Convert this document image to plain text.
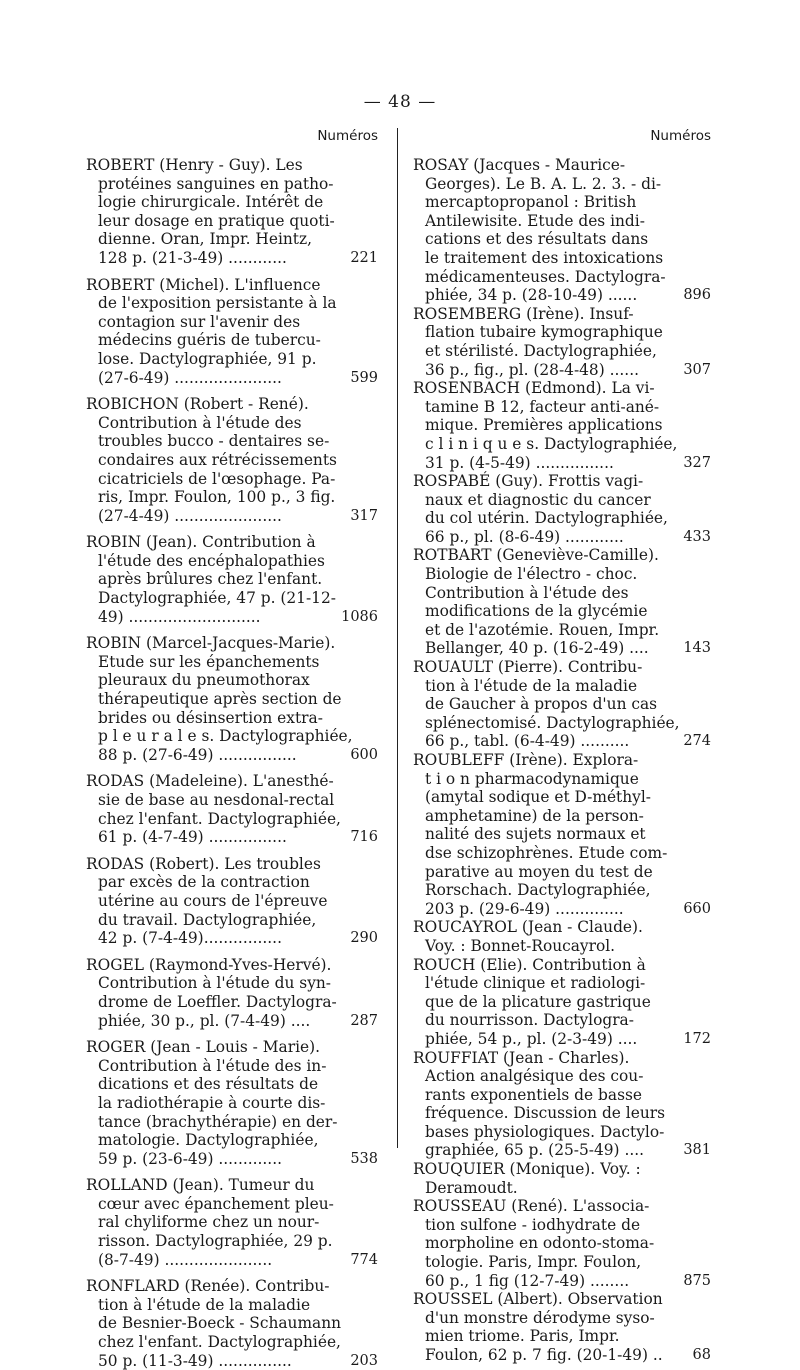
— 48 —
Numéros
ROBERT (Henry - Guy). Les
protéines sanguines en patho-
logie chirurgicale. Intérêt de
leur dosage en pratique quoti-
dienne. Oran, Impr. Heintz,
128 p. (21-3-49) ............	221
ROBERT (Michel). L'influence
de l'exposition persistante à la
contagion sur l'avenir des
médecins guéris de tubercu-
lose. Dactylographiée, 91 p.
(27-6-49) ......................	599
ROBICHON (Robert - René).
Contribution à l'étude des
troubles bucco - dentaires se-
condaires aux rétrécissements
cicatriciels de l'œsophage. Pa-
ris, Impr. Foulon, 100 p., 3 fig.
(27-4-49) ......................	317
ROBIN (Jean). Contribution à
l'étude des encéphalopathies
après brûlures chez l'enfant.
Dactylographiée, 47 p. (21-12-
49) ...........................	1086
ROBIN (Marcel-Jacques-Marie).
Etude sur les épanchements
pleuraux du pneumothorax
thérapeutique après section de
brides ou désinsertion extra-
p l e u r a l e s. Dactylographiée,
88 p. (27-6-49) ................	600
RODAS (Madeleine). L'anesthé-
sie de base au nesdonal-rectal
chez l'enfant. Dactylographiée,
61 p. (4-7-49) ................	716
RODAS (Robert). Les troubles
par excès de la contraction
utérine au cours de l'épreuve
du travail. Dactylographiée,
42 p. (7-4-49)................	290
ROGEL (Raymond-Yves-Hervé).
Contribution à l'étude du syn-
drome de Loeffler. Dactylogra-
phiée, 30 p., pl. (7-4-49) ....	287
ROGER (Jean - Louis - Marie).
Contribution à l'étude des in-
dications et des résultats de
la radiothérapie à courte dis-
tance (brachythérapie) en der-
matologie. Dactylographiée,
59 p. (23-6-49) .............	538
ROLLAND (Jean). Tumeur du
cœur avec épanchement pleu-
ral chyliforme chez un nour-
risson. Dactylographiée, 29 p.
(8-7-49) ......................	774
RONFLARD (Renée). Contribu-
tion à l'étude de la maladie
de Besnier-Boeck - Schaumann
chez l'enfant. Dactylographiée,
50 p. (11-3-49) ...............	203
Numéros
ROSAY (Jacques - Maurice-
Georges). Le B. A. L. 2. 3. - di-
mercaptopropanol : British
Antilewisite. Etude des indi-
cations et des résultats dans
le traitement des intoxications
médicamenteuses. Dactylogra-
phiée, 34 p. (28-10-49) ......	896
ROSEMBERG (Irène). Insuf-
flation tubaire kymographique
et stérilisté. Dactylographiée,
36 p., fig., pl. (28-4-48) ......	307
ROSENBACH (Edmond). La vi-
tamine B 12, facteur anti-ané-
mique. Premières applications
c l i n i q u e s. Dactylographiée,
31 p. (4-5-49) ................	327
ROSPABÉ (Guy). Frottis vagi-
naux et diagnostic du cancer
du col utérin. Dactylographiée,
66 p., pl. (8-6-49) ............	433
ROTBART (Geneviève-Camille).
Biologie de l'électro - choc.
Contribution à l'étude des
modifications de la glycémie
et de l'azotémie. Rouen, Impr.
Bellanger, 40 p. (16-2-49) ....	143
ROUAULT (Pierre). Contribu-
tion à l'étude de la maladie
de Gaucher à propos d'un cas
splénectomisé. Dactylographiée,
66 p., tabl. (6-4-49) ..........	274
ROUBLEFF (Irène). Explora-
t i o n pharmacodynamique
(amytal sodique et D-méthyl-
amphetamine) de la person-
nalité des sujets normaux et
dse schizophrènes. Etude com-
parative au moyen du test de
Rorschach. Dactylographiée,
203 p. (29-6-49) ..............	660
ROUCAYROL (Jean - Claude).
Voy. : Bonnet-Roucayrol.
ROUCH (Elie). Contribution à
l'étude clinique et radiologi-
que de la plicature gastrique
du nourrisson. Dactylogra-
phiée, 54 p., pl. (2-3-49) ....	172
ROUFFIAT (Jean - Charles).
Action analgésique des cou-
rants exponentiels de basse
fréquence. Discussion de leurs
bases physiologiques. Dactylo-
graphiée, 65 p. (25-5-49) ....	381
ROUQUIER (Monique). Voy. :
Deramoudt.
ROUSSEAU (René). L'associa-
tion sulfone - iodhydrate de
morpholine en odonto-stoma-
tologie. Paris, Impr. Foulon,
60 p., 1 fig (12-7-49) ........	875
ROUSSEL (Albert). Observation
d'un monstre dérodyme syso-
mien triome. Paris, Impr.
Foulon, 62 p. 7 fig. (20-1-49) ..	68
